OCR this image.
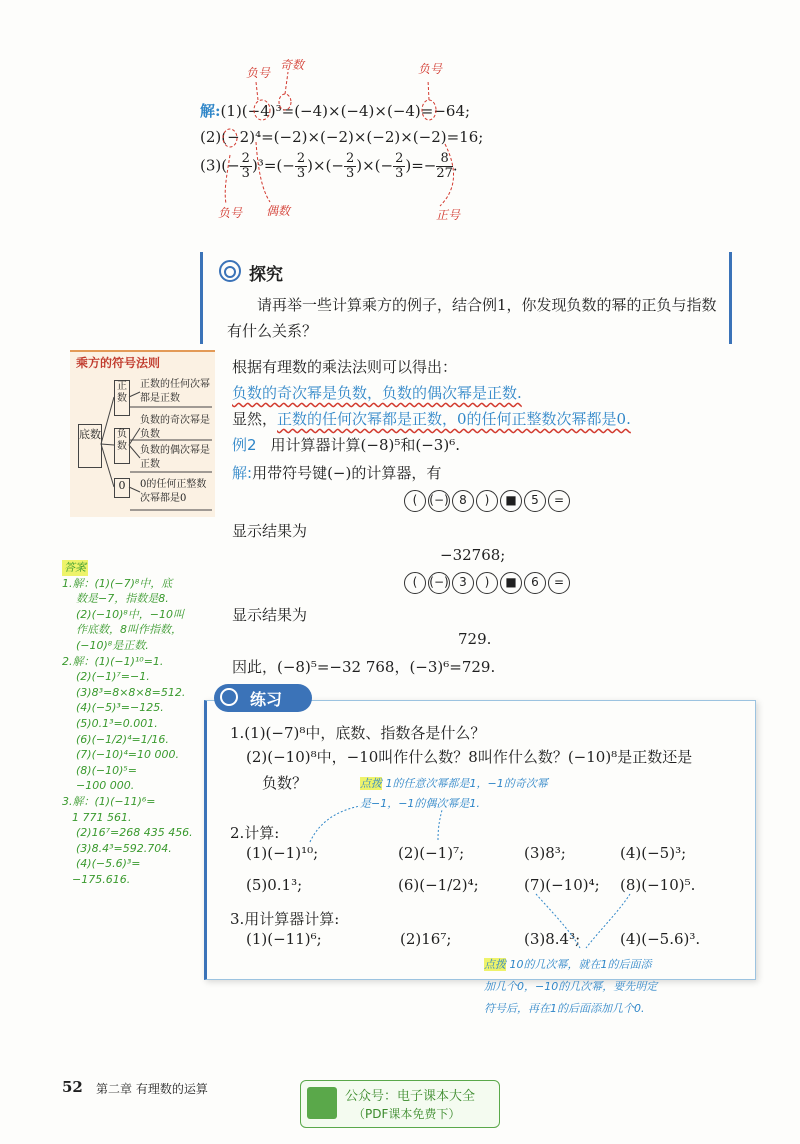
负号
奇数	负号
解:(1)(−4)³=(−4)×(−4)×(−4)=−64;
(2)(−2)⁴=(−2)×(−2)×(−2)×(−2)=16;
$(3)(- \frac{2}{3} )^3=(- \frac{2}{3}$ )×(− $\frac{2}{3}$ )×(− $\frac{2}{3}$ )=− $\frac{8}{27}$ .
负号 偶数	正号
探究
请再举一些计算乘方的例子，结合例1，你发现负数的幂的正负与指数有什么关系？
乘方的符号法则
底数
正数
负数
0
正数的任何次幂都是正数
负数的奇次幂是负数
负数的偶次幂是正数
0的任何正整数次幂都是0
根据有理数的乘法法则可以得出：
负数的奇次幂是负数，负数的偶次幂是正数.
显然，正数的任何次幂都是正数，0的任何正整数次幂都是0.
例2 用计算器计算(−8)⁵和(−3)⁶.
解:用带符号键(−)的计算器，有
( (−) 8 ) ■ 5 =
显示结果为
−32768;
( (−) 3 ) ■ 6 =
显示结果为
729.
因此，(−8)⁵=−32 768，(−3)⁶=729.
答案
1.解：(1)(−7)⁸中，底
数是−7，指数是8.
(2)(−10)⁸中，−10叫
作底数，8叫作指数，
(−10)⁸是正数.
2.解：(1)(−1)¹⁰=1.
(2)(−1)⁷=−1.
(3)8³=8×8×8=512.
(4)(−5)³=−125.
(5)0.1³=0.001.
(6)(−1/2)⁴=1/16.
(7)(−10)⁴=10 000.
(8)(−10)⁵=
−100 000.
3.解：(1)(−11)⁶=
1 771 561.
(2)16⁷=268 435 456.
(3)8.4³=592.704.
(4)(−5.6)³=
−175.616.
练习
1.(1)(−7)⁸中，底数、指数各是什么？
(2)(−10)⁸中，−10叫作什么数？8叫作什么数？(−10)⁸是正数还是
负数？	点拨 1的任意次幂都是1，−1的奇次幂
是−1，−1的偶次幂是1.
2.计算:
(1)(−1)¹⁰;	(2)(−1)⁷;	(3)8³;	(4)(−5)³;
(5)0.1³;	(6)(−1/2)⁴;	(7)(−10)⁴; (8)(−10)⁵.
3.用计算器计算:
(1)(−11)⁶;	(2)16⁷;	(3)8.4³;	(4)(−5.6)³.
点拨 10的几次幂，就在1的后面添
加几个0，−10的几次幂，要先明定
符号后，再在1的后面添加几个0.
52 第二章 有理数的运算	公众号：电子课本大全
（PDF课本免费下）
